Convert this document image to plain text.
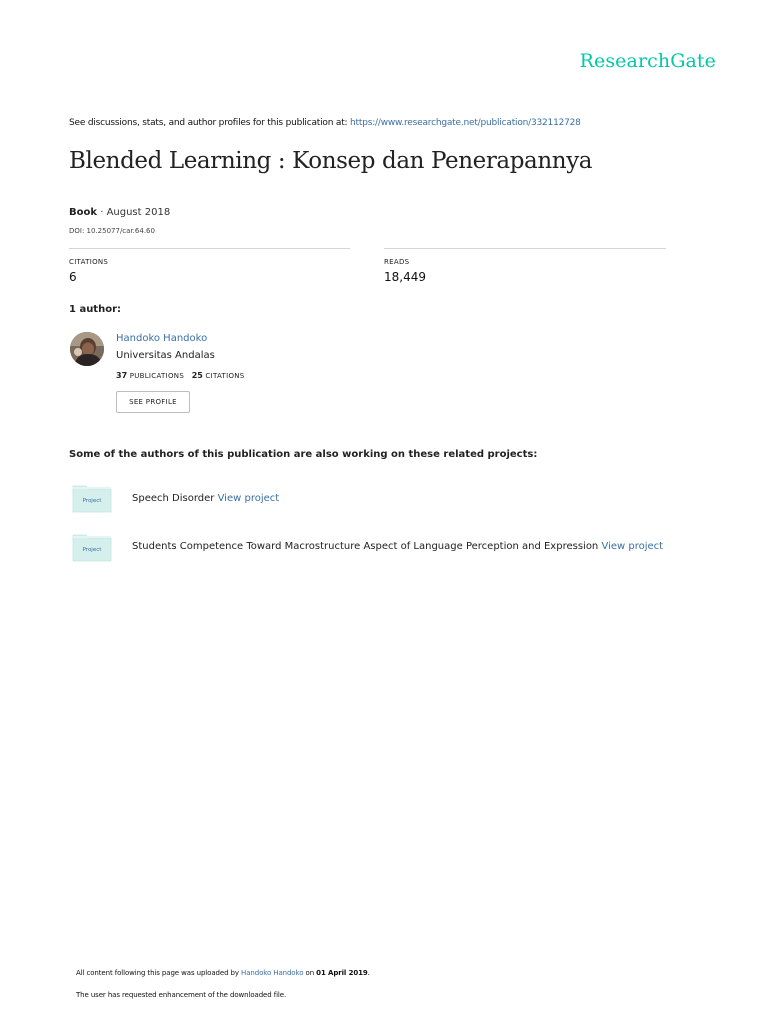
ResearchGate
See discussions, stats, and author profiles for this publication at: https://www.researchgate.net/publication/332112728
Blended Learning : Konsep dan Penerapannya
Book · August 2018
DOI: 10.25077/car.64.60
CITATIONS
6
READS
18,449
1 author:
Handoko Handoko
Universitas Andalas
37 PUBLICATIONS 25 CITATIONS
SEE PROFILE
Some of the authors of this publication are also working on these related projects:
Project	Speech Disorder View project
Project	Students Competence Toward Macrostructure Aspect of Language Perception and Expression View project
All content following this page was uploaded by Handoko Handoko on 01 April 2019.
The user has requested enhancement of the downloaded file.
